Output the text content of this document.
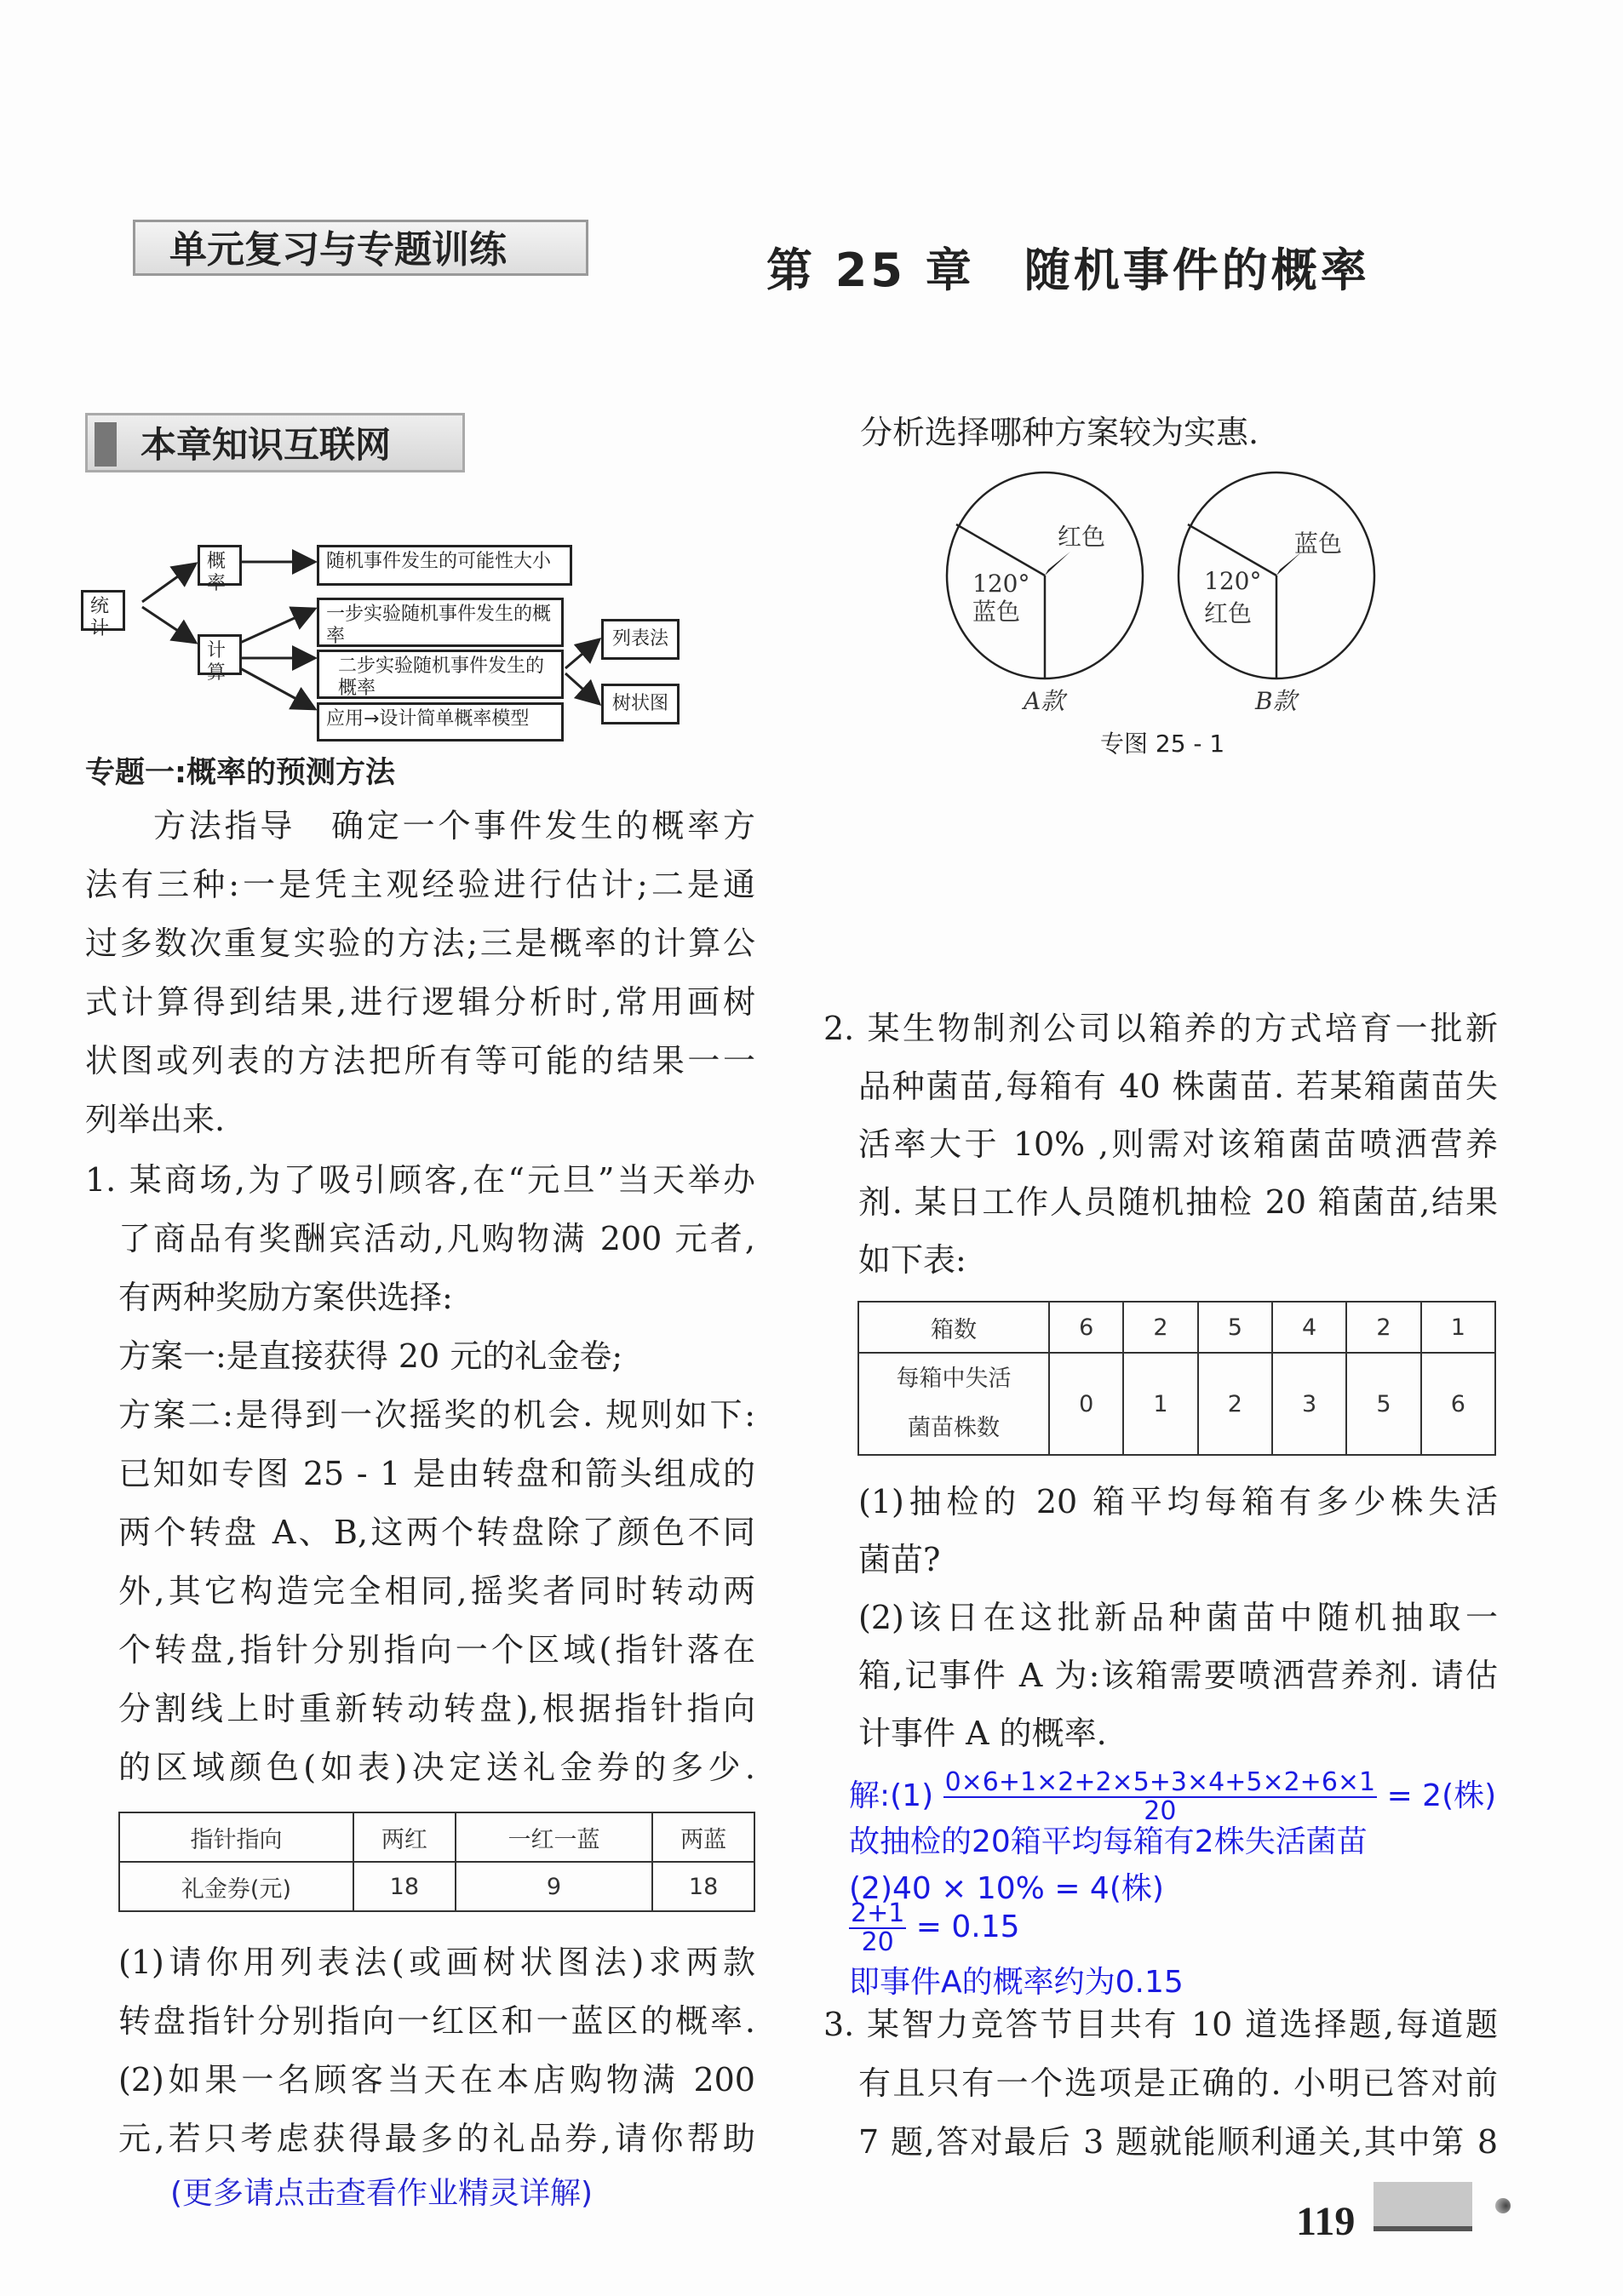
单元复习与专题训练	第 25 章　随机事件的概率
本章知识互联网
统计
概率
随机事件发生的可能性大小
计算
一步实验随机事件发生的概率
二步实验随机事件发生的概率
应用→设计简单概率模型
列表法
树状图
专题一:概率的预测方法
方法指导　确定一个事件发生的概率方
法有三种:一是凭主观经验进行估计;二是通
过多数次重复实验的方法;三是概率的计算公
式计算得到结果,进行逻辑分析时,常用画树
状图或列表的方法把所有等可能的结果一一
列举出来.
1. 某商场,为了吸引顾客,在“元旦”当天举办
了商品有奖酬宾活动,凡购物满 200 元者,
有两种奖励方案供选择:
方案一:是直接获得 20 元的礼金卷;
方案二:是得到一次摇奖的机会. 规则如下:
已知如专图 25 - 1 是由转盘和箭头组成的
两个转盘 A、B,这两个转盘除了颜色不同
外,其它构造完全相同,摇奖者同时转动两
个转盘,指针分别指向一个区域(指针落在
分割线上时重新转动转盘),根据指针指向
的区域颜色(如表)决定送礼金券的多少.
指针指向	两红	一红一蓝	两蓝
礼金券(元)	18	9	18
(1)请你用列表法(或画树状图法)求两款
转盘指针分别指向一红区和一蓝区的概率.
(2)如果一名顾客当天在本店购物满 200
元,若只考虑获得最多的礼品券,请你帮助
(更多请点击查看作业精灵详解)
分析选择哪种方案较为实惠.
红色
120°
蓝色
A款
蓝色
120°
红色
B款
专图 25 - 1
2. 某生物制剂公司以箱养的方式培育一批新
品种菌苗,每箱有 40 株菌苗. 若某箱菌苗失
活率大于 10% ,则需对该箱菌苗喷洒营养
剂. 某日工作人员随机抽检 20 箱菌苗,结果
如下表:
箱数	6	2	5	4	2	1
每箱中失活
菌苗株数	0	1	2	3	5	6
(1)抽检的 20 箱平均每箱有多少株失活
菌苗?
(2)该日在这批新品种菌苗中随机抽取一
箱,记事件 A 为:该箱需要喷洒营养剂. 请估
计事件 A 的概率.
解:(1) $\frac{0\times 6+1\times 2+2\times 5+3\times 4+5\times 2+6\times 1}{20} = 2$(株)
故抽检的20箱平均每箱有2株失活菌苗
(2)40 × 10% = 4(株)
$\frac{2+1}{20} = 0.15$
即事件A的概率约为0.15
3. 某智力竞答节目共有 10 道选择题,每道题
有且只有一个选项是正确的. 小明已答对前
7 题,答对最后 3 题就能顺利通关,其中第 8
119
